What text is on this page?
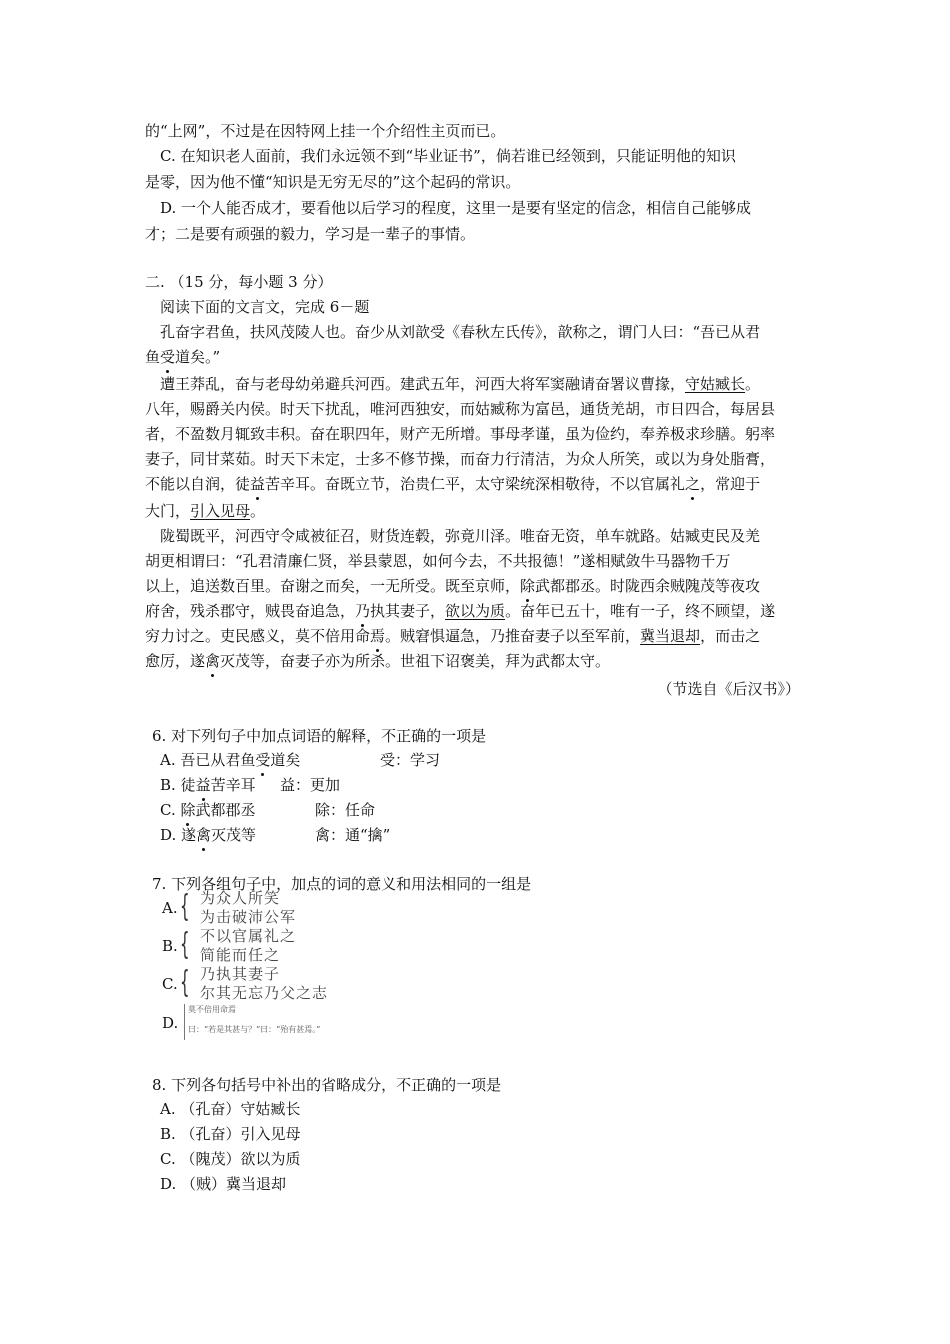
的“上网”，不过是在因特网上挂一个介绍性主页而已。
C. 在知识老人面前，我们永远领不到“毕业证书”，倘若谁已经领到，只能证明他的知识
是零，因为他不懂“知识是无穷无尽的”这个起码的常识。
D. 一个人能否成才，要看他以后学习的程度，这里一是要有坚定的信念，相信自己能够成
才；二是要有顽强的毅力，学习是一辈子的事情。
二. （15 分，每小题 3 分）
阅读下面的文言文，完成 6－题
孔奋字君鱼，扶风茂陵人也。奋少从刘歆受《春秋左氏传》，歆称之，谓门人曰：“吾已从君
鱼受道矣。”
遭王莽乱，奋与老母幼弟避兵河西。建武五年，河西大将军窦融请奋署议曹掾，守姑臧长。
八年，赐爵关内侯。时天下扰乱，唯河西独安，而姑臧称为富邑，通货羌胡，市日四合，每居县
者，不盈数月辄致丰积。奋在职四年，财产无所增。事母孝谨，虽为俭约，奉养极求珍膳。躬率
妻子，同甘菜茹。时天下未定，士多不修节操，而奋力行清洁，为众人所笑，或以为身处脂膏，
不能以自润，徒益苦辛耳。奋既立节，治贵仁平，太守梁统深相敬待，不以官属礼之，常迎于
大门，引入见母。
陇蜀既平，河西守令咸被征召，财货连毂，弥竟川泽。唯奋无资，单车就路。姑臧吏民及羌
胡更相谓曰：“孔君清廉仁贤，举县蒙恩，如何今去，不共报德！”遂相赋敛牛马器物千万
以上，追送数百里。奋谢之而矣，一无所受。既至京师，除武都郡丞。时陇西余贼隗茂等夜攻
府舍，残杀郡守，贼畏奋追急，乃执其妻子，欲以为质。奋年已五十，唯有一子，终不顾望，遂
穷力讨之。吏民感义，莫不倍用命焉。贼窘惧逼急，乃推奋妻子以至军前，冀当退却，而击之
愈厉，遂禽灭茂等，奋妻子亦为所杀。世祖下诏褒美，拜为武都太守。
（节选自《后汉书》）
6. 对下列句子中加点词语的解释，不正确的一项是
A. 吾已从君鱼受道矣	受：学习
B. 徒益苦辛耳 益：更加
C. 除武都郡丞	除：任命
D. 遂禽灭茂等	禽：通“擒”
7. 下列各组句子中，加点的词的意义和用法相同的一组是
A. { 为众人所笑
为击破沛公军
B. { 不以官属礼之
简能而任之
C. { 乃执其妻子
尔其无忘乃父之志
D.
莫不倍用命焉
曰：“若是其甚与？”曰：“殆有甚焉。”
8. 下列各句括号中补出的省略成分，不正确的一项是
A. （孔奋）守姑臧长
B. （孔奋）引入见母
C. （隗茂）欲以为质
D. （贼）冀当退却
